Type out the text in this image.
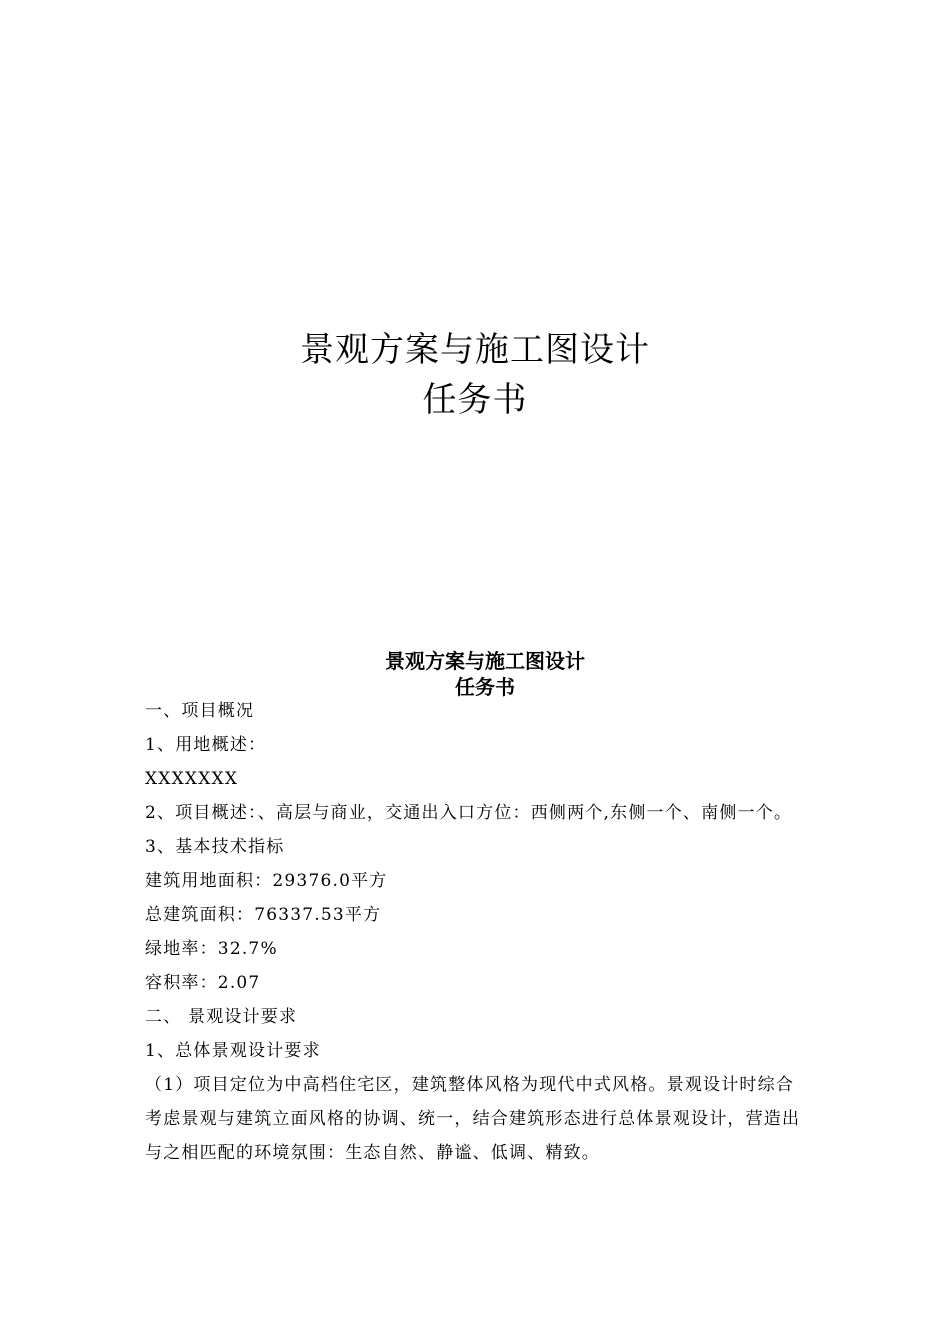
景观方案与施工图设计
任务书
景观方案与施工图设计
任务书

一、项目概况

1、用地概述：

XXXXXXX

2、项目概述：、高层与商业，交通出入口方位：西侧两个,东侧一个、南侧一个。

3、基本技术指标

建筑用地面积：29376.0平方

总建筑面积：76337.53平方

绿地率：32.7%

容积率：2.07

二、 景观设计要求

1、总体景观设计要求

（1）项目定位为中高档住宅区，建筑整体风格为现代中式风格。景观设计时综合考虑景观与建筑立面风格的协调、统一，结合建筑形态进行总体景观设计，营造出与之相匹配的环境氛围：生态自然、静谧、低调、精致。
